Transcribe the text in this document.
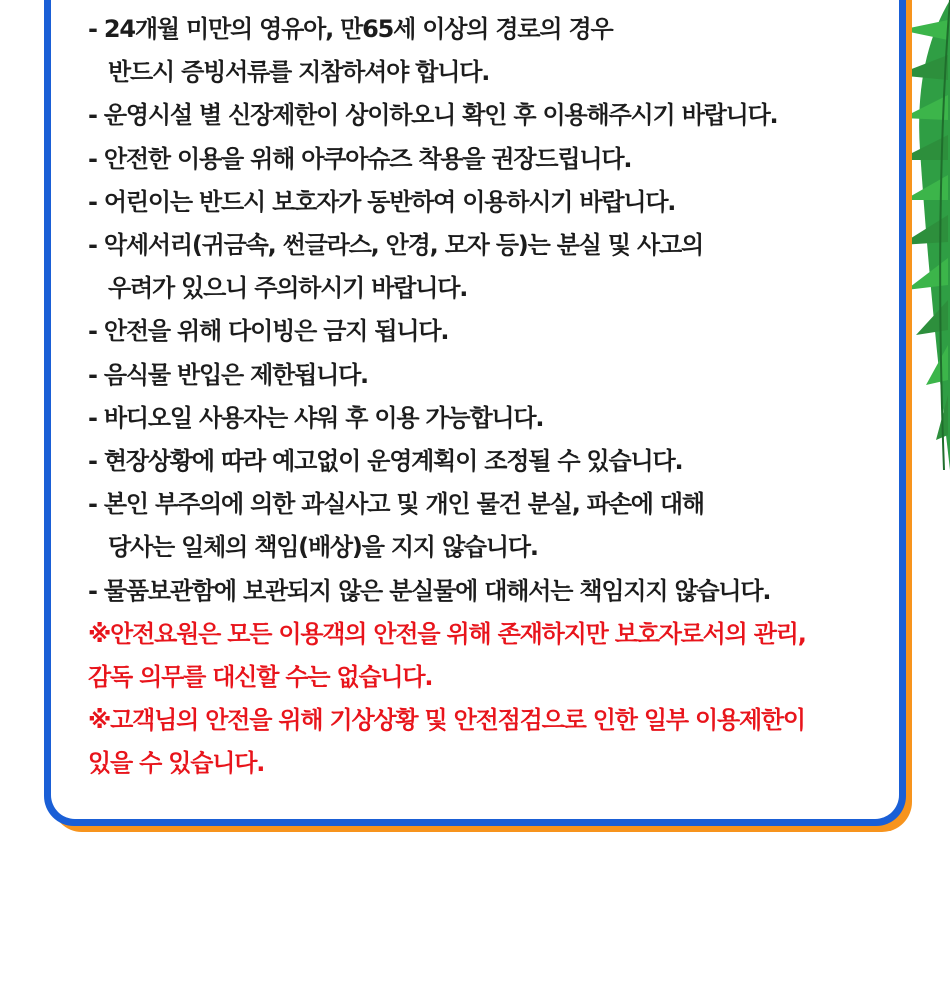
- 24개월 미만의 영유아, 만65세 이상의 경로의 경우
반드시 증빙서류를 지참하셔야 합니다.
- 운영시설 별 신장제한이 상이하오니 확인 후 이용해주시기 바랍니다.
- 안전한 이용을 위해 아쿠아슈즈 착용을 권장드립니다.
- 어린이는 반드시 보호자가 동반하여 이용하시기 바랍니다.
- 악세서리(귀금속, 썬글라스, 안경, 모자 등)는 분실 및 사고의
우려가 있으니 주의하시기 바랍니다.
- 안전을 위해 다이빙은 금지 됩니다.
- 음식물 반입은 제한됩니다.
- 바디오일 사용자는 샤워 후 이용 가능합니다.
- 현장상황에 따라 예고없이 운영계획이 조정될 수 있습니다.
- 본인 부주의에 의한 과실사고 및 개인 물건 분실, 파손에 대해
당사는 일체의 책임(배상)을 지지 않습니다.
- 물품보관함에 보관되지 않은 분실물에 대해서는 책임지지 않습니다.
※안전요원은 모든 이용객의 안전을 위해 존재하지만 보호자로서의 관리,
감독 의무를 대신할 수는 없습니다.
※고객님의 안전을 위해 기상상황 및 안전점검으로 인한 일부 이용제한이
있을 수 있습니다.
